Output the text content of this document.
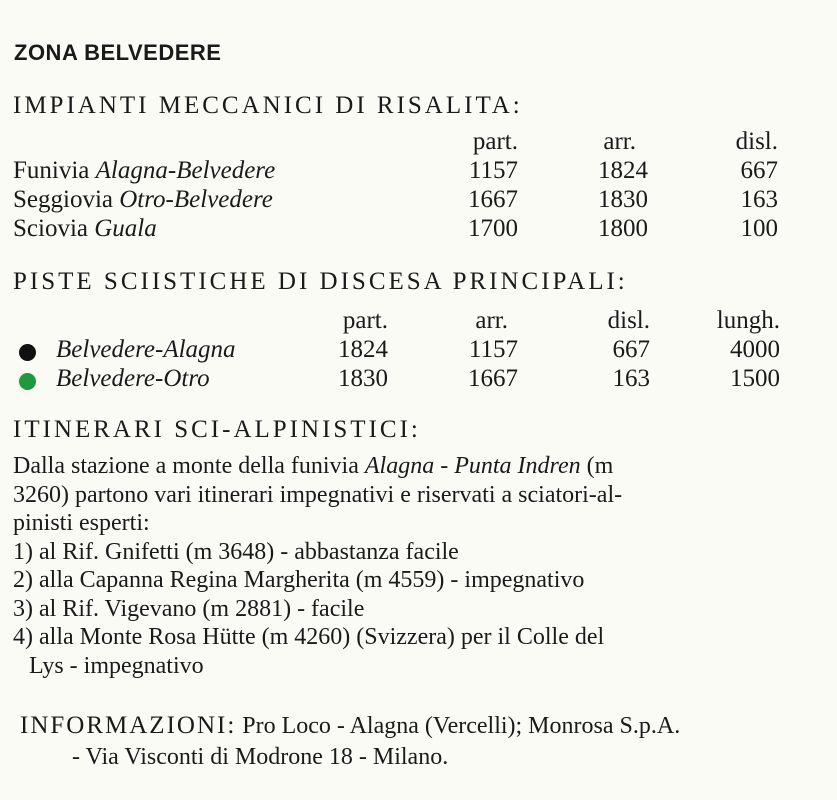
ZONA BELVEDERE
IMPIANTI MECCANICI DI RISALITA:
part.	arr.	disl.
Funivia Alagna-Belvedere	1157	1824	667
Seggiovia Otro-Belvedere	1667	1830	163
Sciovia Guala	1700	1800	100
PISTE SCIISTICHE DI DISCESA PRINCIPALI:
part.	arr.	disl.	lungh.
Belvedere-Alagna	1824	1157	667	4000
Belvedere-Otro	1830	1667	163	1500
ITINERARI SCI-ALPINISTICI:
Dalla stazione a monte della funivia Alagna - Punta Indren (m
3260) partono vari itinerari impegnativi e riservati a sciatori-al-
pinisti esperti:
1) al Rif. Gnifetti (m 3648) - abbastanza facile
2) alla Capanna Regina Margherita (m 4559) - impegnativo
3) al Rif. Vigevano (m 2881) - facile
4) alla Monte Rosa Hütte (m 4260) (Svizzera) per il Colle del
Lys - impegnativo
INFORMAZIONI: Pro Loco - Alagna (Vercelli); Monrosa S.p.A.
- Via Visconti di Modrone 18 - Milano.
